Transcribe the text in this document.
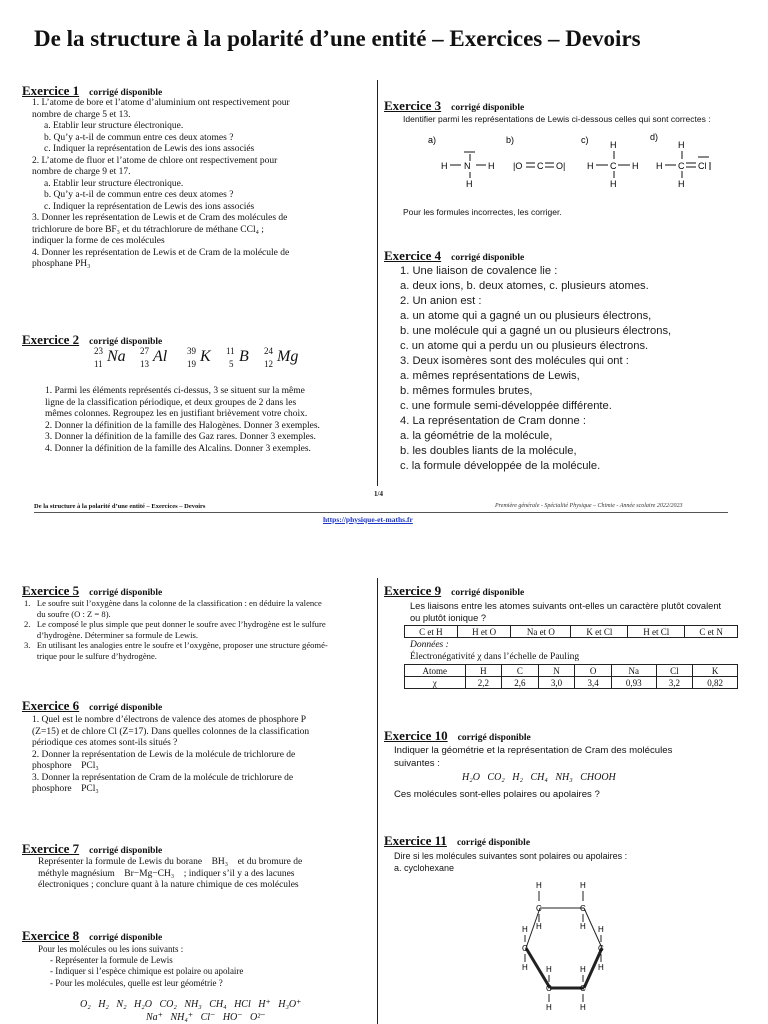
De la structure à la polarité d’une entité – Exercices – Devoirs
Exercice 1 corrigé disponible
1. L’atome de bore et l’atome d’aluminium ont respectivement pour
nombre de charge 5 et 13.
a. Etablir leur structure électronique.
b. Qu’y a-t-il de commun entre ces deux atomes ?
c. Indiquer la représentation de Lewis des ions associés
2. L’atome de fluor et l’atome de chlore ont respectivement pour
nombre de charge 9 et 17.
a. Etablir leur structure électronique.
b. Qu’y a-t-il de commun entre ces deux atomes ?
c. Indiquer la représentation de Lewis des ions associés
3. Donner les représentation de Lewis et de Cram des molécules de
trichlorure de bore BF₃ et du tétrachlorure de méthane CCl₄ ;
indiquer la forme de ces molécules
4. Donner les représentation de Lewis et de Cram de la molécule de
phosphane PH₃
Exercice 2 corrigé disponible
23
11 Na 27
13 Al 39
19 K 11
5 B 24
12 Mg
1. Parmi les éléments représentés ci-dessus, 3 se situent sur la même
ligne de la classification périodique, et deux groupes de 2 dans les
mêmes colonnes. Regroupez les en justifiant brièvement votre choix.
2. Donner la définition de la famille des Halogènes. Donner 3 exemples.
3. Donner la définition de la famille des Gaz rares. Donner 3 exemples.
4. Donner la définition de la famille des Alcalins. Donner 3 exemples.
Exercice 3 corrigé disponible
Identifier parmi les représentations de Lewis ci-dessous celles qui sont correctes :
a)	b)	c)	d)
H N H
H
|O C O|
H
H C H
H
H
H C Cl
H
Pour les formules incorrectes, les corriger.
Exercice 4 corrigé disponible
1. Une liaison de covalence lie :
a. deux ions, b. deux atomes, c. plusieurs atomes.
2. Un anion est :
a. un atome qui a gagné un ou plusieurs électrons,
b. une molécule qui a gagné un ou plusieurs électrons,
c. un atome qui a perdu un ou plusieurs électrons.
3. Deux isomères sont des molécules qui ont :
a. mêmes représentations de Lewis,
b. mêmes formules brutes,
c. une formule semi-développée différente.
4. La représentation de Cram donne :
a. la géométrie de la molécule,
b. les doubles liants de la molécule,
c. la formule développée de la molécule.
1/4
De la structure à la polarité d’une entité – Exercices – Devoirs	Première générale - Spécialité Physique – Chimie - Année scolaire 2022/2023
https://physique-et-maths.fr
Exercice 5 corrigé disponible
1.   Le soufre suit l’oxygène dans la colonne de la classification : en déduire la valence
du soufre (O : Z = 8).
2.   Le composé le plus simple que peut donner le soufre avec l’hydrogène est le sulfure
d’hydrogène. Déterminer sa formule de Lewis.
3.   En utilisant les analogies entre le soufre et l’oxygène, proposer une structure géomé-
trique pour le sulfure d’hydrogène.
Exercice 6 corrigé disponible
1. Quel est le nombre d’électrons de valence des atomes de phosphore P
(Z=15) et de chlore Cl (Z=17). Dans quelles colonnes de la classification
périodique ces atomes sont-ils situés ?
2. Donner la représentation de Lewis de la molécule de trichlorure de
phosphore    PCl₃
3. Donner la représentation de Cram de la molécule de trichlorure de
phosphore    PCl₃
Exercice 7 corrigé disponible
Représenter la formule de Lewis du borane    BH₃    et du bromure de
méthyle magnésium    Br−Mg−CH₃    ; indiquer s’il y a des lacunes
électroniques ; conclure quant à la nature chimique de ces molécules
Exercice 8 corrigé disponible
Pour les molécules ou les ions suivants :
- Représenter la formule de Lewis
- Indiquer si l’espèce chimique est polaire ou apolaire
- Pour les molécules, quelle est leur géométrie ?
O₂   H₂   N₂   H₂O   CO₂   NH₃   CH₄   HCl   H⁺   H₃O⁺
Na⁺   NH₄⁺   Cl⁻   HO⁻   O²⁻
Exercice 9 corrigé disponible
Les liaisons entre les atomes suivants ont-elles un caractère plutôt covalent
ou plutôt ionique ?
C et H	H et O	Na et O	K et Cl	H et Cl	C et N
Données :
Électronégativité χ dans l’échelle de Pauling
Atome	H	C	N	O	Na	Cl	K
χ	2,2	2,6	3,0	3,4	0,93	3,2	0,82
Exercice 10 corrigé disponible
Indiquer la géométrie et la représentation de Cram des molécules
suivantes :
H₂O   CO₂   H₂   CH₄   NH₃   CHOOH
Ces molécules sont-elles polaires ou apolaires ?
Exercice 11 corrigé disponible
Dire si les molécules suivantes sont polaires ou apolaires :
a. cyclohexane
C	C
H	H
H	H
C	C
H	H
H	H
C	C
H	H
H	H
